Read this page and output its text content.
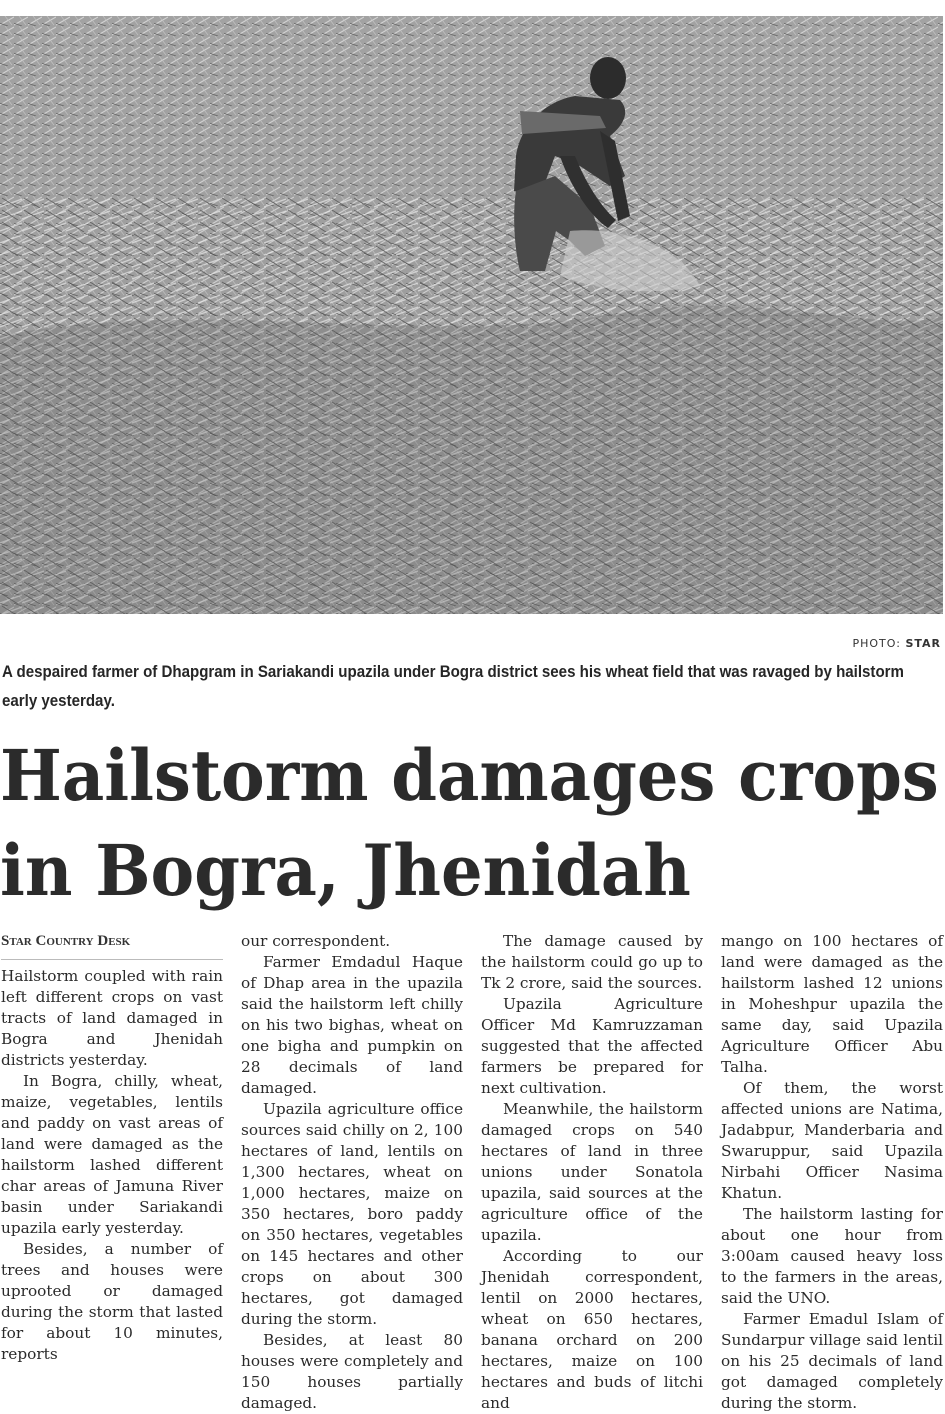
PHOTO: STAR
A despaired farmer of Dhapgram in Sariakandi upazila under Bogra district sees his wheat field that was ravaged by hailstorm early yesterday.
Hailstorm damages crops
in Bogra, Jhenidah
Star Country Desk

Hailstorm coupled with rain left different crops on vast tracts of land damaged in Bogra and Jhenidah districts yesterday.

In Bogra, chilly, wheat, maize, vegetables, lentils and paddy on vast areas of land were damaged as the hailstorm lashed different char areas of Jamuna River basin under Sariakandi upazila early yesterday.

Besides, a number of trees and houses were uprooted or damaged during the storm that lasted for about 10 minutes, reports

our correspondent.

Farmer Emdadul Haque of Dhap area in the upazila said the hailstorm left chilly on his two bighas, wheat on one bigha and pumpkin on 28 decimals of land damaged.

Upazila agriculture office sources said chilly on 2, 100 hectares of land, lentils on 1,300 hectares, wheat on 1,000 hectares, maize on 350 hectares, boro paddy on 350 hectares, vegetables on 145 hectares and other crops on about 300 hectares, got damaged during the storm.

Besides, at least 80 houses were completely and 150 houses partially damaged.

The damage caused by the hailstorm could go up to Tk 2 crore, said the sources.

Upazila Agriculture Officer Md Kamruzzaman suggested that the affected farmers be prepared for next cultivation.

Meanwhile, the hailstorm damaged crops on 540 hectares of land in three unions under Sonatola upazila, said sources at the agriculture office of the upazila.

According to our Jhenidah correspondent, lentil on 2000 hectares, wheat on 650 hectares, banana orchard on 200 hectares, maize on 100 hectares and buds of litchi and

mango on 100 hectares of land were damaged as the hailstorm lashed 12 unions in Moheshpur upazila the same day, said Upazila Agriculture Officer Abu Talha.

Of them, the worst affected unions are Natima, Jadabpur, Manderbaria and Swaruppur, said Upazila Nirbahi Officer Nasima Khatun.

The hailstorm lasting for about one hour from 3:00am caused heavy loss to the farmers in the areas, said the UNO.

Farmer Emadul Islam of Sundarpur village said lentil on his 25 decimals of land got damaged completely during the storm.
